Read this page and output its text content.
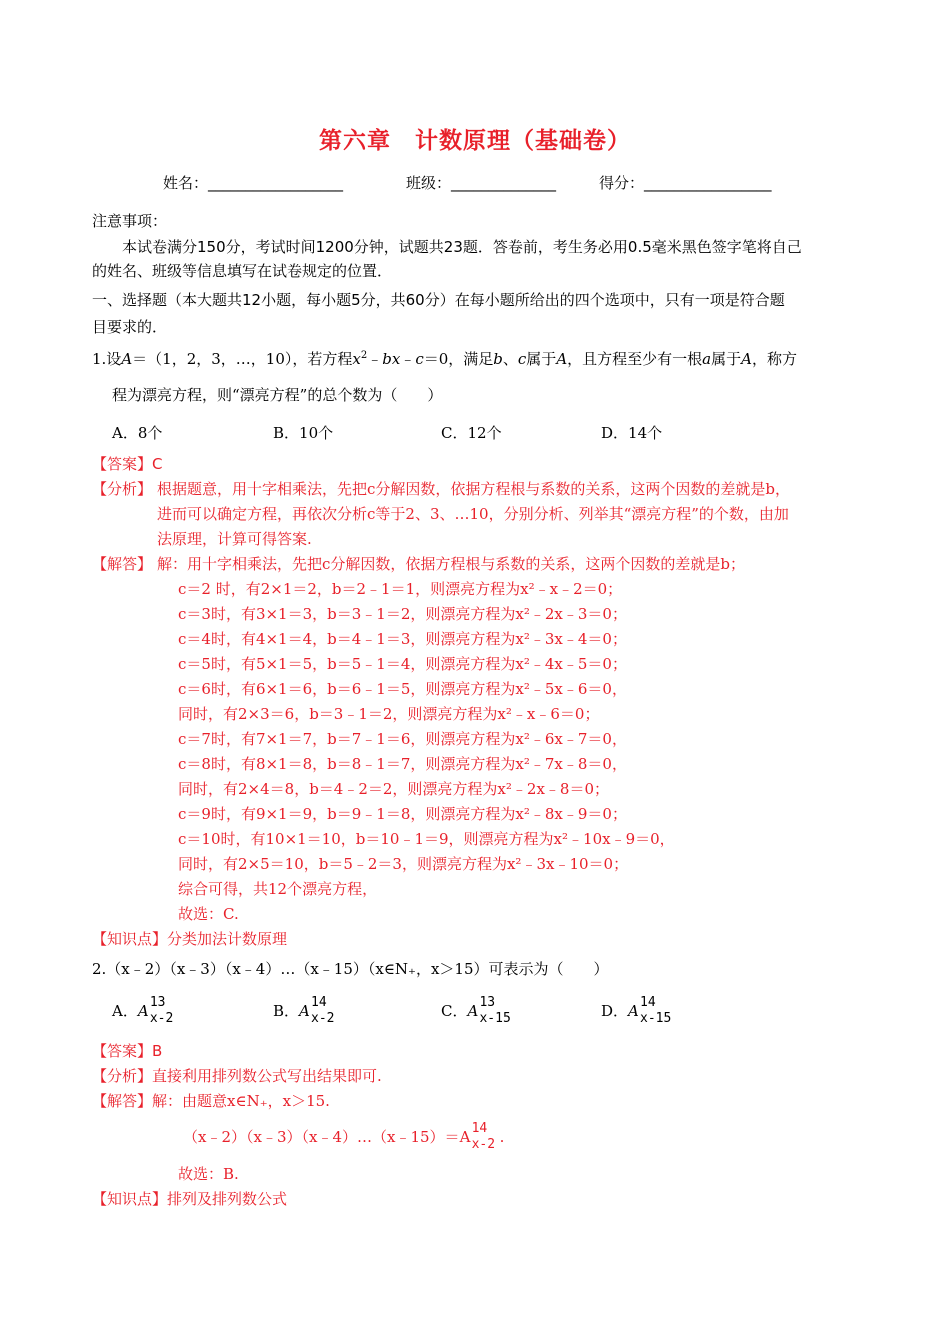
第六章　计数原理（基础卷）
姓名：__________________	班级：______________	得分：_________________
注意事项：
本试卷满分150分，考试时间1200分钟，试题共23题．答卷前，考生务必用0.5毫米黑色签字笔将自己
的姓名、班级等信息填写在试卷规定的位置．
一、选择题（本大题共12小题，每小题5分，共60分）在每小题所给出的四个选项中，只有一项是符合题
目要求的．
1.设A＝（1，2，3，…，10），若方程$x^2﹣bx﹣c=0$，满足b、c属于A，且方程至少有一根a属于A，称方
程为漂亮方程，则“漂亮方程”的总个数为（　　）
A．8个	B．10个	C．12个	D．14个
【答案】C
【分析】 根据题意，用十字相乘法，先把c分解因数，依据方程根与系数的关系，这两个因数的差就是b，
进而可以确定方程，再依次分析c等于2、3、…10，分别分析、列举其“漂亮方程”的个数，由加
法原理，计算可得答案.
【解答】 解：用十字相乘法，先把c分解因数，依据方程根与系数的关系，这两个因数的差就是b；
c＝2 时，有2×1＝2，b＝2﹣1＝1，则漂亮方程为x²﹣x﹣2＝0；
c＝3时，有3×1＝3，b＝3﹣1＝2，则漂亮方程为x²﹣2x﹣3＝0；
c＝4时，有4×1＝4，b＝4﹣1＝3，则漂亮方程为x²﹣3x﹣4＝0；
c＝5时，有5×1＝5，b＝5﹣1＝4，则漂亮方程为x²﹣4x﹣5＝0；
c＝6时，有6×1＝6，b＝6﹣1＝5，则漂亮方程为x²﹣5x﹣6＝0，
同时，有2×3＝6，b＝3﹣1＝2，则漂亮方程为x²﹣x﹣6＝0；
c＝7时，有7×1＝7，b＝7﹣1＝6，则漂亮方程为x²﹣6x﹣7＝0，
c＝8时，有8×1＝8，b＝8﹣1＝7，则漂亮方程为x²﹣7x﹣8＝0，
同时，有2×4＝8，b＝4﹣2＝2，则漂亮方程为x²﹣2x﹣8＝0；
c＝9时，有9×1＝9，b＝9﹣1＝8，则漂亮方程为x²﹣8x﹣9＝0；
c＝10时，有10×1＝10，b＝10﹣1＝9，则漂亮方程为x²﹣10x﹣9＝0，
同时，有2×5＝10，b＝5﹣2＝3，则漂亮方程为x²﹣3x﹣10＝0；
综合可得，共12个漂亮方程，
故选：C.
【知识点】分类加法计数原理
2.（x﹣2）（x﹣3）（x﹣4）…（x﹣15）（x∈N₊，x＞15）可表示为（　　）
A． A 13
x-2	B． A 14
x-2	C． A 13
x-15	D． A 14
x-15
【答案】B
【分析】直接利用排列数公式写出结果即可.
【解答】解：由题意x∈N₊，x＞15.
（x﹣2）（x﹣3）（x﹣4）…（x﹣15）＝ A 14
x-2 .
故选：B.
【知识点】排列及排列数公式
